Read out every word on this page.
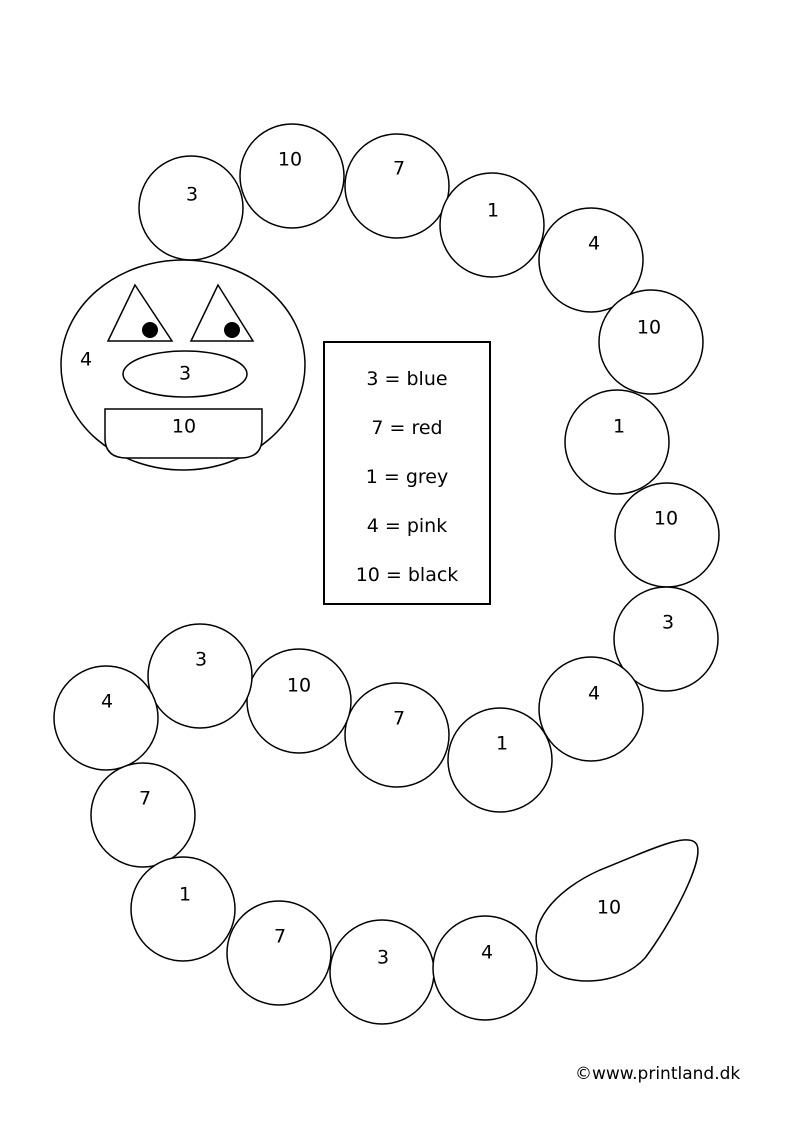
4
3
10
3
10	7
1
4
10
1
10
3
4
1
7
10
3
4
7
1
7
3	4
10
3 = blue
7 = red
1 = grey
4 = pink
10 = black
©www.printland.dk
